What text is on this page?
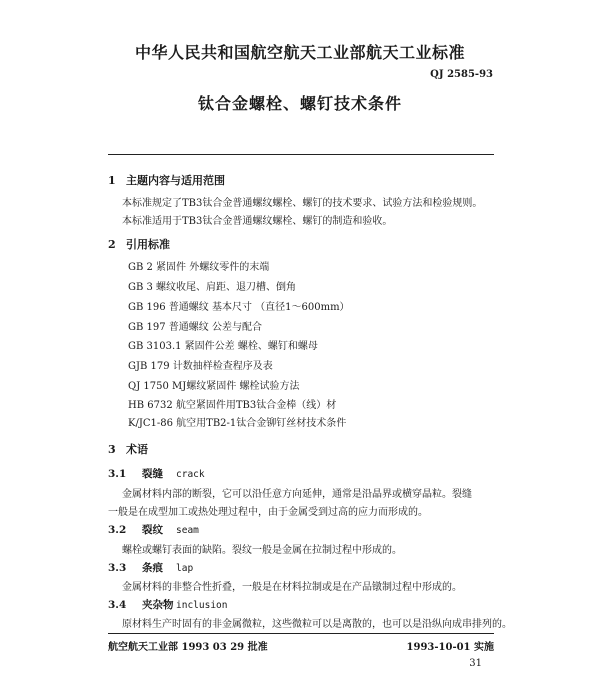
中华人民共和国航空航天工业部航天工业标准
QJ 2585-93
钛合金螺栓、螺钉技术条件
1 主题内容与适用范围
本标准规定了TB3钛合金普通螺纹螺栓、螺钉的技术要求、试验方法和检验规则。
本标准适用于TB3钛合金普通螺纹螺栓、螺钉的制造和验收。
2 引用标准
GB 2 紧固件 外螺纹零件的末端
GB 3 螺纹收尾、肩距、退刀槽、倒角
GB 196 普通螺纹 基本尺寸 （直径1～600mm）
GB 197 普通螺纹 公差与配合
GB 3103.1 紧固件公差 螺栓、螺钉和螺母
GJB 179 计数抽样检查程序及表
QJ 1750 MJ螺纹紧固件 螺栓试验方法
HB 6732 航空紧固件用TB3钛合金棒（线）材
K/JC1-86 航空用TB2-1钛合金铆钉丝材技术条件
3 术语
3.1 裂缝 crack
金属材料内部的断裂，它可以沿任意方向延伸，通常是沿晶界或横穿晶粒。裂缝
一般是在成型加工或热处理过程中，由于金属受到过高的应力而形成的。
3.2 裂纹 seam
螺栓或螺钉表面的缺陷。裂纹一般是金属在拉制过程中形成的。
3.3 条痕 lap
金属材料的非整合性折叠，一般是在材料拉制或是在产品镦制过程中形成的。
3.4 夹杂物 inclusion
原材料生产时固有的非金属微粒，这些微粒可以是离散的，也可以是沿纵向成串排列的。
航空航天工业部 1993 03 29 批准	1993-10-01 实施
31
